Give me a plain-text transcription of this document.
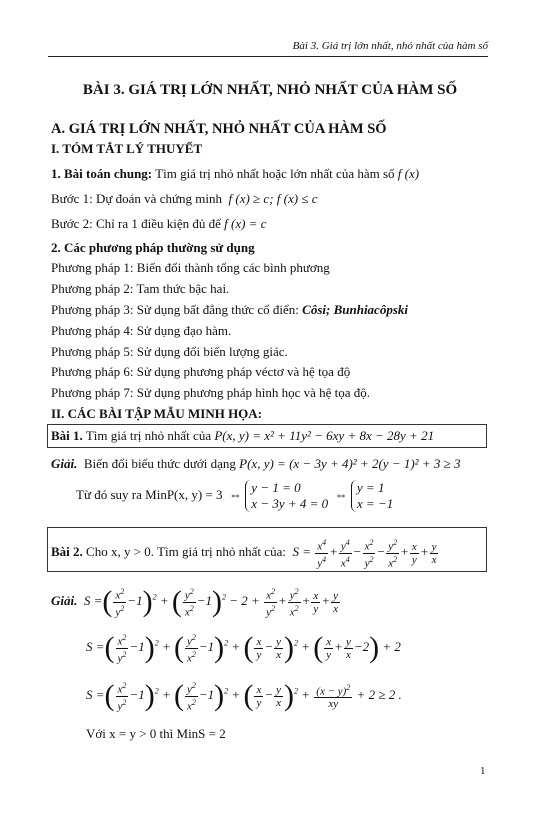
Bài 3. Giá trị lớn nhất, nhỏ nhất của hàm số
BÀI 3. GIÁ TRỊ LỚN NHẤT, NHỎ NHẤT CỦA HÀM SỐ
A. GIÁ TRỊ LỚN NHẤT, NHỎ NHẤT CỦA HÀM SỐ
I. TÓM TẮT LÝ THUYẾT
1. Bài toán chung: Tìm giá trị nhỏ nhất hoặc lớn nhất của hàm số f (x)
Bước 1: Dự đoán và chứng minh f (x) ≥ c; f (x) ≤ c
Bước 2: Chỉ ra 1 điều kiện đủ để f (x) = c
2. Các phương pháp thường sử dụng
Phương pháp 1: Biến đổi thành tổng các bình phương
Phương pháp 2: Tam thức bậc hai.
Phương pháp 3: Sử dụng bất đẳng thức cổ điển: Côsi; Bunhiacôpski
Phương pháp 4: Sử dụng đạo hàm.
Phương pháp 5: Sử dụng đổi biến lượng giác.
Phương pháp 6: Sử dụng phương pháp véctơ và hệ tọa độ
Phương pháp 7: Sử dụng phương pháp hình học và hệ tọa độ.
II. CÁC BÀI TẬP MẪU MINH HỌA:
Bài 1. Tìm giá trị nhỏ nhất của P(x, y) = x² + 11y² − 6xy + 8x − 28y + 21
Giải. Biến đổi biểu thức dưới dạng P(x, y) = (x − 3y + 4)² + 2(y − 1)² + 3 ≥ 3
Từ đó suy ra MinP(x, y) = 3  ⇔ y − 1 = 0
x − 3y + 4 = 0  ⇔ y = 1
x = −1
Bài 2. Cho x, y > 0. Tìm giá trị nhỏ nhất của:  $S = \frac{x^4}{y^4} + \frac{y^4}{x^4} - \frac{x^2}{y^2} - \frac{y^2}{x^2} + \frac{x}{y} + \frac{y}{x}$
Giải.  S =( $\frac{x^2}{y^2} -1)^2$ + ( $\frac{y^2}{x^2} -1)^2 - 2 + \frac{x^2}{y^2} + \frac{y^2}{x^2} + \frac{x}{y} + \frac{y}{x}$
S =( $\frac{x^2}{y^2} -1)^2$ + ( $\frac{y^2}{x^2} -1)^2$ + ( $\frac{x}{y} - \frac{y}{x} )^2$ + ( $\frac{x}{y} + \frac{y}{x} -2) + 2$
S =( $\frac{x^2}{y^2} -1)^2$ + ( $\frac{y^2}{x^2} -1)^2$ + ( $\frac{x}{y} - \frac{y}{x} )^2 + \frac{(x - y)^2}{xy} + 2 \ge 2$ .
Với x = y > 0 thì MinS = 2
1
